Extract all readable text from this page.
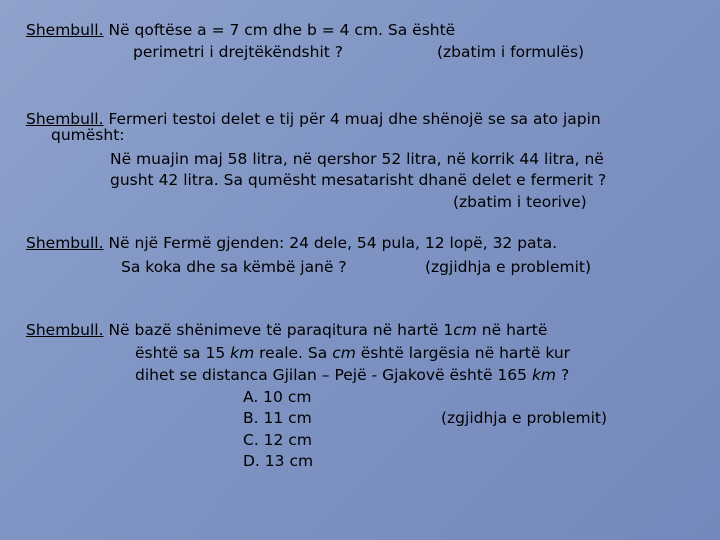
Shembull. Në qoftëse a = 7 cm dhe b = 4 cm. Sa është
perimetri i drejtëkëndshit ?	(zbatim i formulës)
Shembull. Fermeri testoi delet e tij për 4 muaj dhe shënojë se sa ato japin
qumësht:
Në muajin maj 58 litra, në qershor 52 litra, në korrik 44 litra, në
gusht 42 litra. Sa qumësht mesatarisht dhanë delet e fermerit ?
(zbatim i teorive)
Shembull. Në një Fermë gjenden: 24 dele, 54 pula, 12 lopë, 32 pata.
Sa koka dhe sa këmbë janë ?	(zgjidhja e problemit)
Shembull. Në bazë shënimeve të paraqitura në hartë 1cm në hartë
është sa 15 km reale. Sa cm është largësia në hartë kur
dihet se distanca Gjilan – Pejë - Gjakovë është 165 km ?
A. 10 cm
B. 11 cm	(zgjidhja e problemit)
C. 12 cm
D. 13 cm
